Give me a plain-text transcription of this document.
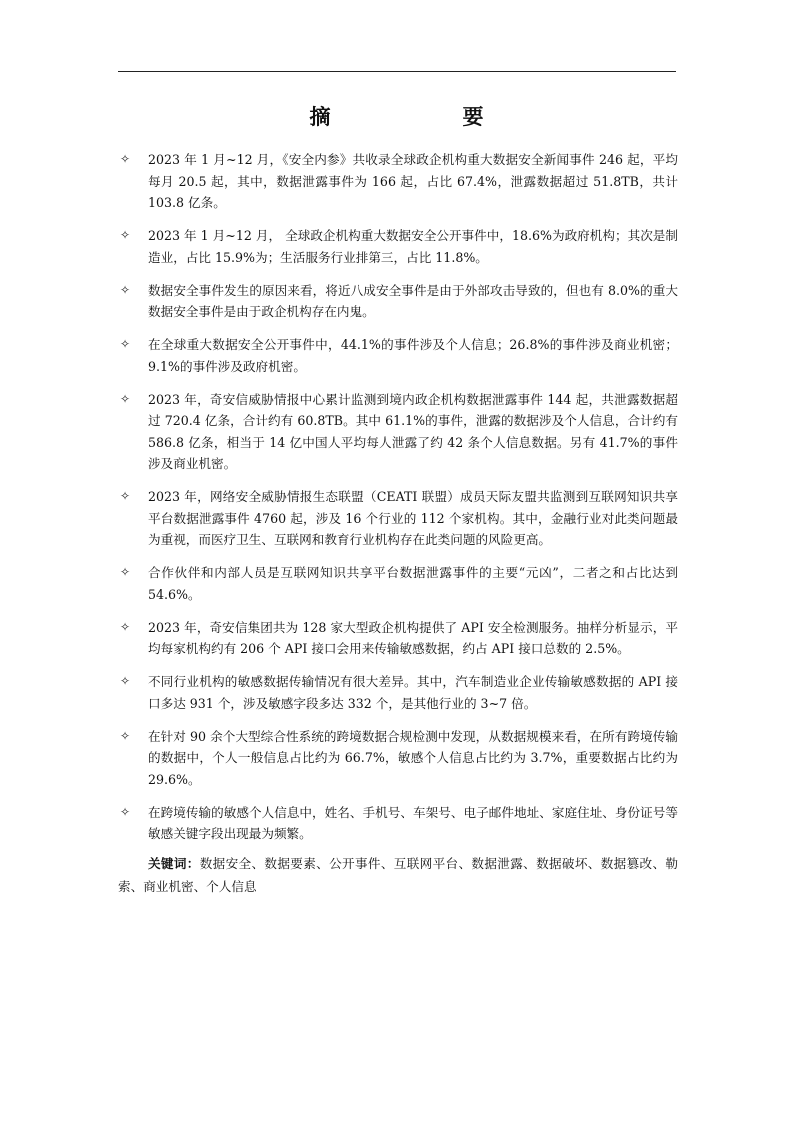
摘　　要
✧ 2023 年 1 月~12 月，《安全内参》共收录全球政企机构重大数据安全新闻事件 246 起，平均每月 20.5 起，其中，数据泄露事件为 166 起，占比 67.4%，泄露数据超过 51.8TB，共计 103.8 亿条。
✧ 2023 年 1 月~12 月， 全球政企机构重大数据安全公开事件中，18.6%为政府机构；其次是制造业，占比 15.9%为；生活服务行业排第三，占比 11.8%。
✧ 数据安全事件发生的原因来看，将近八成安全事件是由于外部攻击导致的，但也有 8.0%的重大数据安全事件是由于政企机构存在内鬼。
✧ 在全球重大数据安全公开事件中，44.1%的事件涉及个人信息；26.8%的事件涉及商业机密；9.1%的事件涉及政府机密。
✧ 2023 年，奇安信威胁情报中心累计监测到境内政企机构数据泄露事件 144 起，共泄露数据超过 720.4 亿条，合计约有 60.8TB。其中 61.1%的事件，泄露的数据涉及个人信息，合计约有 586.8 亿条，相当于 14 亿中国人平均每人泄露了约 42 条个人信息数据。另有 41.7%的事件涉及商业机密。
✧ 2023 年，网络安全威胁情报生态联盟（CEATI 联盟）成员天际友盟共监测到互联网知识共享平台数据泄露事件 4760 起，涉及 16 个行业的 112 个家机构。其中，金融行业对此类问题最为重视，而医疗卫生、互联网和教育行业机构存在此类问题的风险更高。
✧ 合作伙伴和内部人员是互联网知识共享平台数据泄露事件的主要“元凶”，二者之和占比达到 54.6%。
✧ 2023 年，奇安信集团共为 128 家大型政企机构提供了 API 安全检测服务。抽样分析显示，平均每家机构约有 206 个 API 接口会用来传输敏感数据，约占 API 接口总数的 2.5%。
✧ 不同行业机构的敏感数据传输情况有很大差异。其中，汽车制造业企业传输敏感数据的 API 接口多达 931 个，涉及敏感字段多达 332 个，是其他行业的 3~7 倍。
✧ 在针对 90 余个大型综合性系统的跨境数据合规检测中发现，从数据规模来看，在所有跨境传输的数据中，个人一般信息占比约为 66.7%，敏感个人信息占比约为 3.7%，重要数据占比约为 29.6%。
✧ 在跨境传输的敏感个人信息中，姓名、手机号、车架号、电子邮件地址、家庭住址、身份证号等敏感关键字段出现最为频繁。
关键词：数据安全、数据要素、公开事件、互联网平台、数据泄露、数据破坏、数据篡改、勒索、商业机密、个人信息
